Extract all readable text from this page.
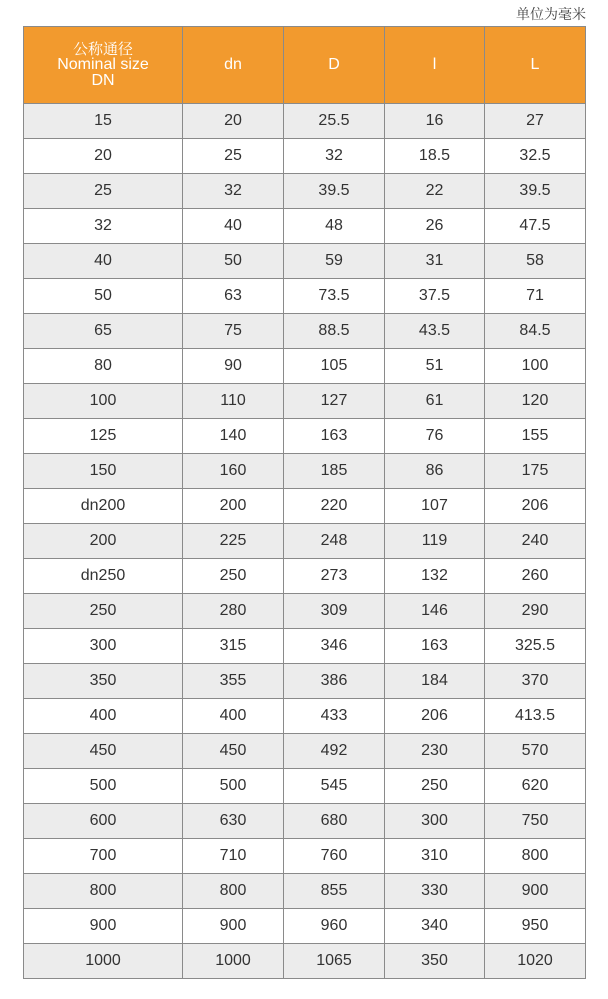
单位为毫米
公称通径
Nominal size
DN	dn	D	l	L
15	20	25.5	16	27
20	25	32	18.5	32.5
25	32	39.5	22	39.5
32	40	48	26	47.5
40	50	59	31	58
50	63	73.5	37.5	71
65	75	88.5	43.5	84.5
80	90	105	51	100
100	110	127	61	120
125	140	163	76	155
150	160	185	86	175
dn200	200	220	107	206
200	225	248	119	240
dn250	250	273	132	260
250	280	309	146	290
300	315	346	163	325.5
350	355	386	184	370
400	400	433	206	413.5
450	450	492	230	570
500	500	545	250	620
600	630	680	300	750
700	710	760	310	800
800	800	855	330	900
900	900	960	340	950
1000	1000	1065	350	1020
